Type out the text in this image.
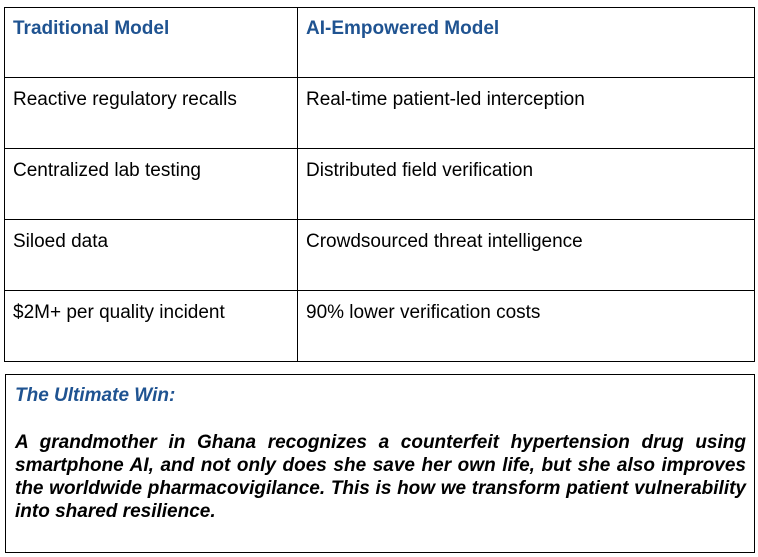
Traditional Model	AI-Empowered Model
Reactive regulatory recalls	Real-time patient-led interception
Centralized lab testing	Distributed field verification
Siloed data	Crowdsourced threat intelligence
$2M+ per quality incident	90% lower verification costs

The Ultimate Win:

A grandmother in Ghana recognizes a counterfeit hypertension drug using smartphone AI, and not only does she save her own life, but she also improves the worldwide pharmacovigilance. This is how we transform patient vulnerability into shared resilience.
